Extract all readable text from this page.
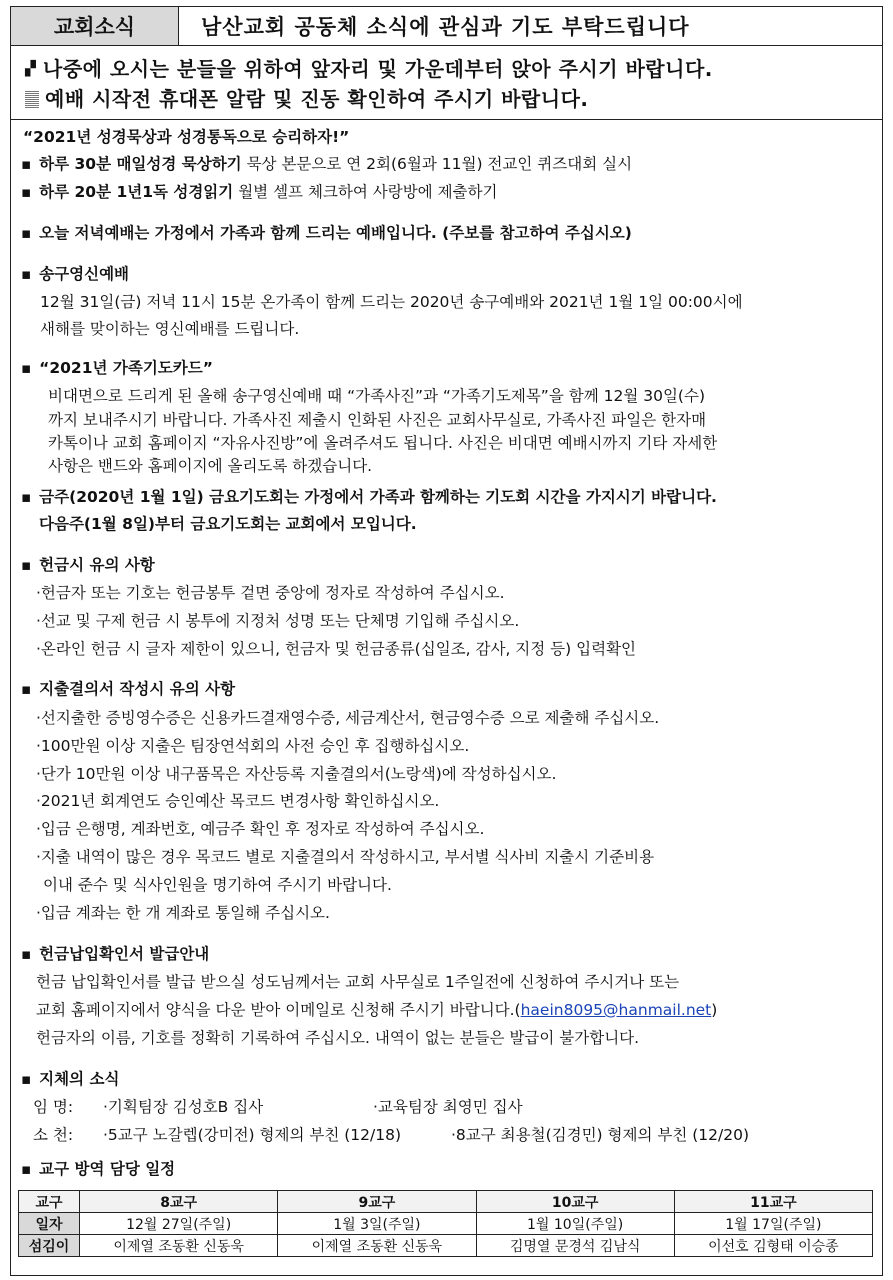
교회소식	남산교회 공동체 소식에 관심과 기도 부탁드립니다
▞ 나중에 오시는 분들을 위하여 앞자리 및 가운데부터 앉아 주시기 바랍니다.
예배 시작전 휴대폰 알람 및 진동 확인하여 주시기 바랍니다.
“2021년 성경묵상과 성경통독으로 승리하자!”
▪ 하루 30분 매일성경 묵상하기 묵상 본문으로 연 2회(6월과 11월) 전교인 퀴즈대회 실시
▪ 하루 20분 1년1독 성경읽기 월별 셀프 체크하여 사랑방에 제출하기
▪ 오늘 저녁예배는 가정에서 가족과 함께 드리는 예배입니다. (주보를 참고하여 주십시오)
▪ 송구영신예배
12월 31일(금) 저녁 11시 15분 온가족이 함께 드리는 2020년 송구예배와 2021년 1월 1일 00:00시에
새해를 맞이하는 영신예배를 드립니다.
▪ “2021년 가족기도카드”
비대면으로 드리게 된 올해 송구영신예배 때 “가족사진”과 “가족기도제목”을 함께 12월 30일(수)
까지 보내주시기 바랍니다. 가족사진 제출시 인화된 사진은 교회사무실로, 가족사진 파일은 한자매
카톡이나 교회 홈페이지 “자유사진방”에 올려주셔도 됩니다. 사진은 비대면 예배시까지 기타 자세한
사항은 밴드와 홈페이지에 올리도록 하겠습니다.
▪ 금주(2020년 1월 1일) 금요기도회는 가정에서 가족과 함께하는 기도회 시간을 가지시기 바랍니다.
다음주(1월 8일)부터 금요기도회는 교회에서 모입니다.
▪ 헌금시 유의 사항
·헌금자 또는 기호는 헌금봉투 겉면 중앙에 정자로 작성하여 주십시오.
·선교 및 구제 헌금 시 봉투에 지정처 성명 또는 단체명 기입해 주십시오.
·온라인 헌금 시 글자 제한이 있으니, 헌금자 및 헌금종류(십일조, 감사, 지정 등) 입력확인
▪ 지출결의서 작성시 유의 사항
·선지출한 증빙영수증은 신용카드결재영수증, 세금계산서, 현금영수증 으로 제출해 주십시오.
·100만원 이상 지출은 팀장연석회의 사전 승인 후 집행하십시오.
·단가 10만원 이상 내구품목은 자산등록 지출결의서(노랑색)에 작성하십시오.
·2021년 회계연도 승인예산 목코드 변경사항 확인하십시오.
·입금 은행명, 계좌번호, 예금주 확인 후 정자로 작성하여 주십시오.
·지출 내역이 많은 경우 목코드 별로 지출결의서 작성하시고, 부서별 식사비 지출시 기준비용
이내 준수 및 식사인원을 명기하여 주시기 바랍니다.
·입금 계좌는 한 개 계좌로 통일해 주십시오.
▪ 헌금납입확인서 발급안내
헌금 납입확인서를 발급 받으실 성도님께서는 교회 사무실로 1주일전에 신청하여 주시거나 또는
교회 홈페이지에서 양식을 다운 받아 이메일로 신청해 주시기 바랍니다.(haein8095@hanmail.net)
헌금자의 이름, 기호를 정확히 기록하여 주십시오. 내역이 없는 분들은 발급이 불가합니다.
▪ 지체의 소식
임 명: ·기획팀장 김성호B 집사	·교육팀장 최영민 집사
소 천: ·5교구 노갈렙(강미전) 형제의 부친 (12/18)	·8교구 최용철(김경민) 형제의 부친 (12/20)
▪ 교구 방역 담당 일정
교구	8교구	9교구	10교구	11교구
일자	12월 27일(주일)	1월 3일(주일)	1월 10일(주일)	1월 17일(주일)
섬김이	이제열 조동환 신동욱	이제열 조동환 신동욱	김명열 문경석 김남식	이선호 김형태 이승종
